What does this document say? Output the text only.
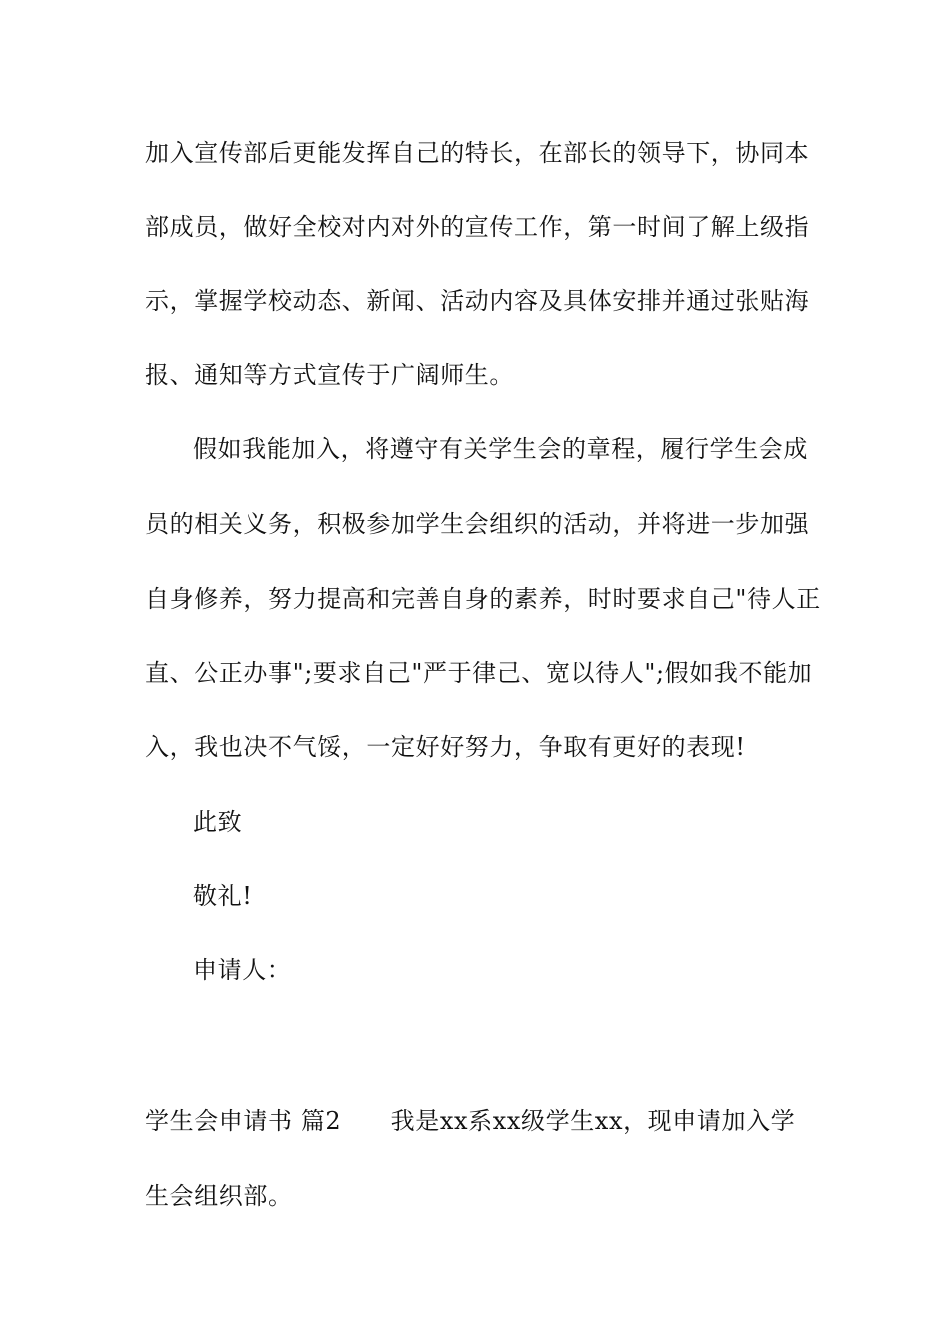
加入宣传部后更能发挥自己的特长，在部长的领导下，协同本
部成员，做好全校对内对外的宣传工作，第一时间了解上级指
示，掌握学校动态、新闻、活动内容及具体安排并通过张贴海
报、通知等方式宣传于广阔师生。
假如我能加入，将遵守有关学生会的章程，履行学生会成
员的相关义务，积极参加学生会组织的活动，并将进一步加强
自身修养，努力提高和完善自身的素养，时时要求自己"待人正
直、公正办事";要求自己"严于律己、宽以待人";假如我不能加
入，我也决不气馁，一定好好努力，争取有更好的表现!
此致
敬礼!
申请人：
学生会申请书 篇2      我是xx系xx级学生xx，现申请加入学
生会组织部。
